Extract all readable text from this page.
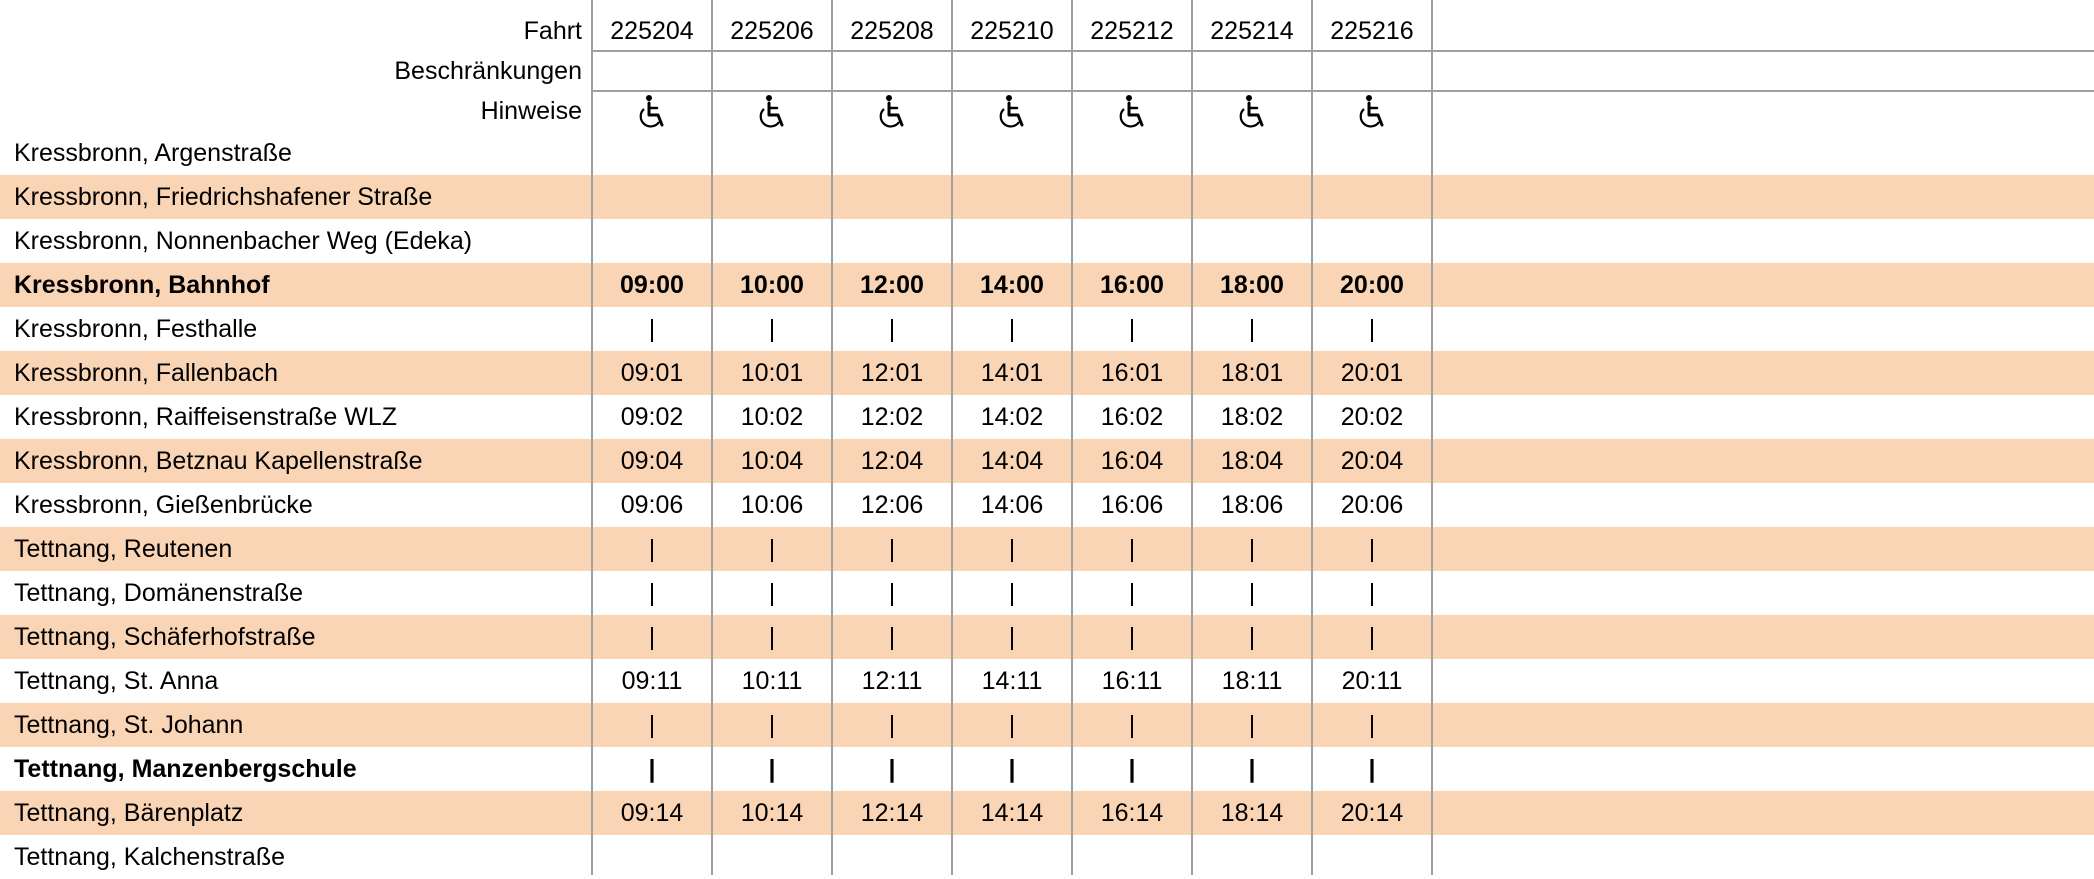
Fahrt	225204	225206	225208	225210	225212	225214	225216
Beschränkungen
Hinweise
Kressbronn, Argenstraße
Kressbronn, Friedrichshafener Straße
Kressbronn, Nonnenbacher Weg (Edeka)
Kressbronn, Bahnhof	09:00	10:00	12:00	14:00	16:00	18:00	20:00
Kressbronn, Festhalle	|	|	|	|	|	|	|
Kressbronn, Fallenbach	09:01	10:01	12:01	14:01	16:01	18:01	20:01
Kressbronn, Raiffeisenstraße WLZ	09:02	10:02	12:02	14:02	16:02	18:02	20:02
Kressbronn, Betznau Kapellenstraße	09:04	10:04	12:04	14:04	16:04	18:04	20:04
Kressbronn, Gießenbrücke	09:06	10:06	12:06	14:06	16:06	18:06	20:06
Tettnang, Reutenen	|	|	|	|	|	|	|
Tettnang, Domänenstraße	|	|	|	|	|	|	|
Tettnang, Schäferhofstraße	|	|	|	|	|	|	|
Tettnang, St. Anna	09:11	10:11	12:11	14:11	16:11	18:11	20:11
Tettnang, St. Johann	|	|	|	|	|	|	|
Tettnang, Manzenbergschule	|	|	|	|	|	|	|
Tettnang, Bärenplatz	09:14	10:14	12:14	14:14	16:14	18:14	20:14
Tettnang, Kalchenstraße
